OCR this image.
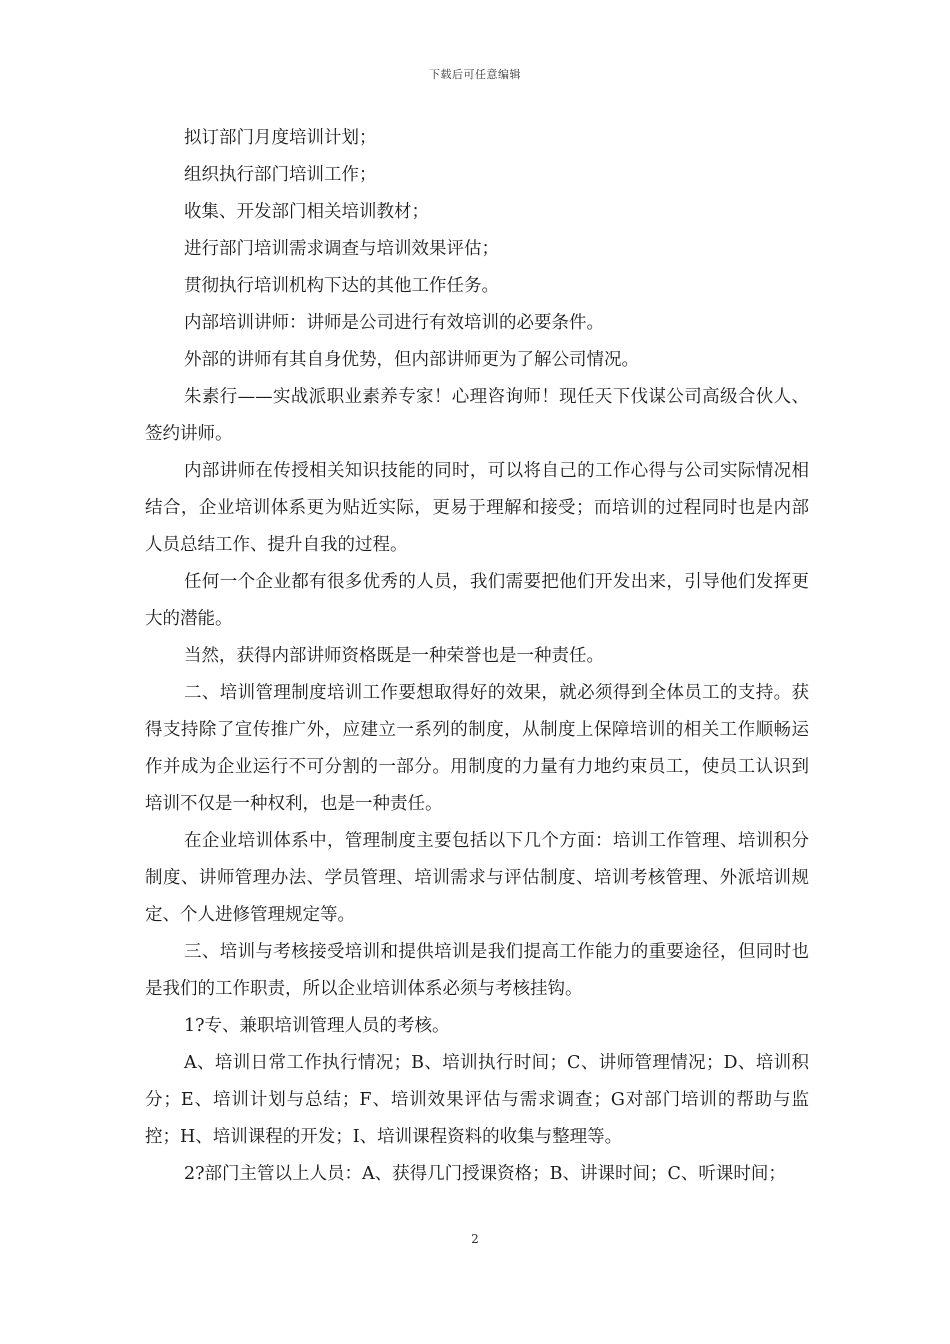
下载后可任意编辑

拟订部门月度培训计划；

组织执行部门培训工作；

收集、开发部门相关培训教材；

进行部门培训需求调查与培训效果评估；

贯彻执行培训机构下达的其他工作任务。

内部培训讲师：讲师是公司进行有效培训的必要条件。

外部的讲师有其自身优势，但内部讲师更为了解公司情况。

朱素行——实战派职业素养专家！心理咨询师！现任天下伐谋公司高级合伙人、签约讲师。

内部讲师在传授相关知识技能的同时，可以将自己的工作心得与公司实际情况相结合，企业培训体系更为贴近实际，更易于理解和接受；而培训的过程同时也是内部人员总结工作、提升自我的过程。

任何一个企业都有很多优秀的人员，我们需要把他们开发出来，引导他们发挥更大的潜能。

当然，获得内部讲师资格既是一种荣誉也是一种责任。

二、培训管理制度培训工作要想取得好的效果，就必须得到全体员工的支持。获得支持除了宣传推广外，应建立一系列的制度，从制度上保障培训的相关工作顺畅运作并成为企业运行不可分割的一部分。用制度的力量有力地约束员工，使员工认识到培训不仅是一种权利，也是一种责任。

在企业培训体系中，管理制度主要包括以下几个方面：培训工作管理、培训积分制度、讲师管理办法、学员管理、培训需求与评估制度、培训考核管理、外派培训规定、个人进修管理规定等。

三、培训与考核接受培训和提供培训是我们提高工作能力的重要途径，但同时也是我们的工作职责，所以企业培训体系必须与考核挂钩。

1?专、兼职培训管理人员的考核。

A、培训日常工作执行情况；B、培训执行时间；C、讲师管理情况；D、培训积分；E、培训计划与总结；F、培训效果评估与需求调查；G对部门培训的帮助与监控；H、培训课程的开发；I、培训课程资料的收集与整理等。

2?部门主管以上人员：A、获得几门授课资格；B、讲课时间；C、听课时间；

2
